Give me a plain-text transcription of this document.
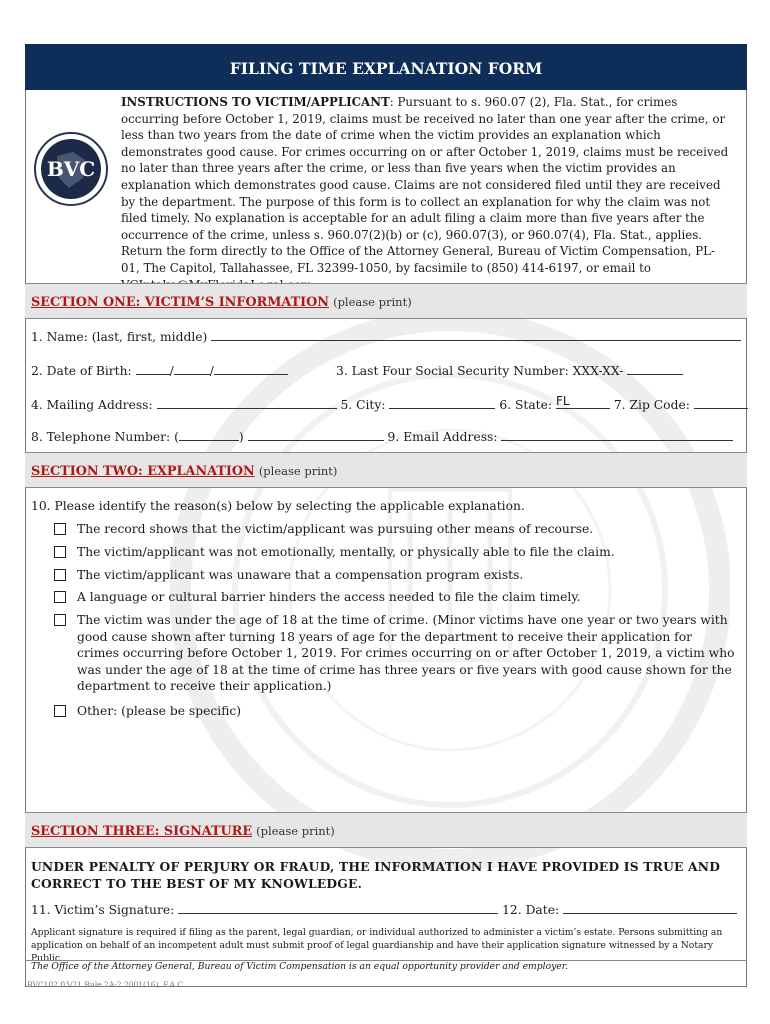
FILING TIME EXPLANATION FORM
BVC
INSTRUCTIONS TO VICTIM/APPLICANT: Pursuant to s. 960.07 (2), Fla. Stat., for crimes occurring before October 1, 2019, claims must be received no later than one year after the crime, or less than two years from the date of crime when the victim provides an explanation which demonstrates good cause. For crimes occurring on or after October 1, 2019, claims must be received no later than three years after the crime, or less than five years when the victim provides an explanation which demonstrates good cause. Claims are not considered filed until they are received by the department. The purpose of this form is to collect an explanation for why the claim was not filed timely. No explanation is acceptable for an adult filing a claim more than five years after the occurrence of the crime, unless s. 960.07(2)(b) or (c), 960.07(3), or 960.07(4), Fla. Stat., applies. Return the form directly to the Office of the Attorney General, Bureau of Victim Compensation, PL-01, The Capitol, Tallahassee, FL 32399-1050, by facsimile to (850) 414-6197, or email to
SECTION ONE: VICTIM’S INFORMATION (please print)
1. Name: (last, first, middle)
2. Date of Birth:	/	/	3. Last Four Social Security Number: XXX-XX-
4. Mailing Address:	5. City:	6. State: FL	7. Zip Code:
8. Telephone Number: (	)	9. Email Address:
SECTION TWO: EXPLANATION (please print)
10. Please identify the reason(s) below by selecting the applicable explanation.
The record shows that the victim/applicant was pursuing other means of recourse.
The victim/applicant was not emotionally, mentally, or physically able to file the claim.
The victim/applicant was unaware that a compensation program exists.
A language or cultural barrier hinders the access needed to file the claim timely.
The victim was under the age of 18 at the time of crime. (Minor victims have one year or two years with good cause shown after turning 18 years of age for the department to receive their application for crimes occurring before October 1, 2019. For crimes occurring on or after October 1, 2019, a victim who was under the age of 18 at the time of crime has three years or five years with good cause shown for the department to receive their application.)
Other: (please be specific)
SECTION THREE: SIGNATURE (please print)
UNDER PENALTY OF PERJURY OR FRAUD, THE INFORMATION I HAVE PROVIDED IS TRUE AND CORRECT TO THE BEST OF MY KNOWLEDGE.
11. Victim’s Signature:	12. Date:
Applicant signature is required if filing as the parent, legal guardian, or individual authorized to administer a victim’s estate. Persons submitting an application on behalf of an incompetent adult must submit proof of legal guardianship and have their application signature witnessed by a Notary Public.
The Office of the Attorney General, Bureau of Victim Compensation is an equal opportunity provider and employer.
BVC102 03/21 Rule 2A-2.2001(16), F.A.C.
